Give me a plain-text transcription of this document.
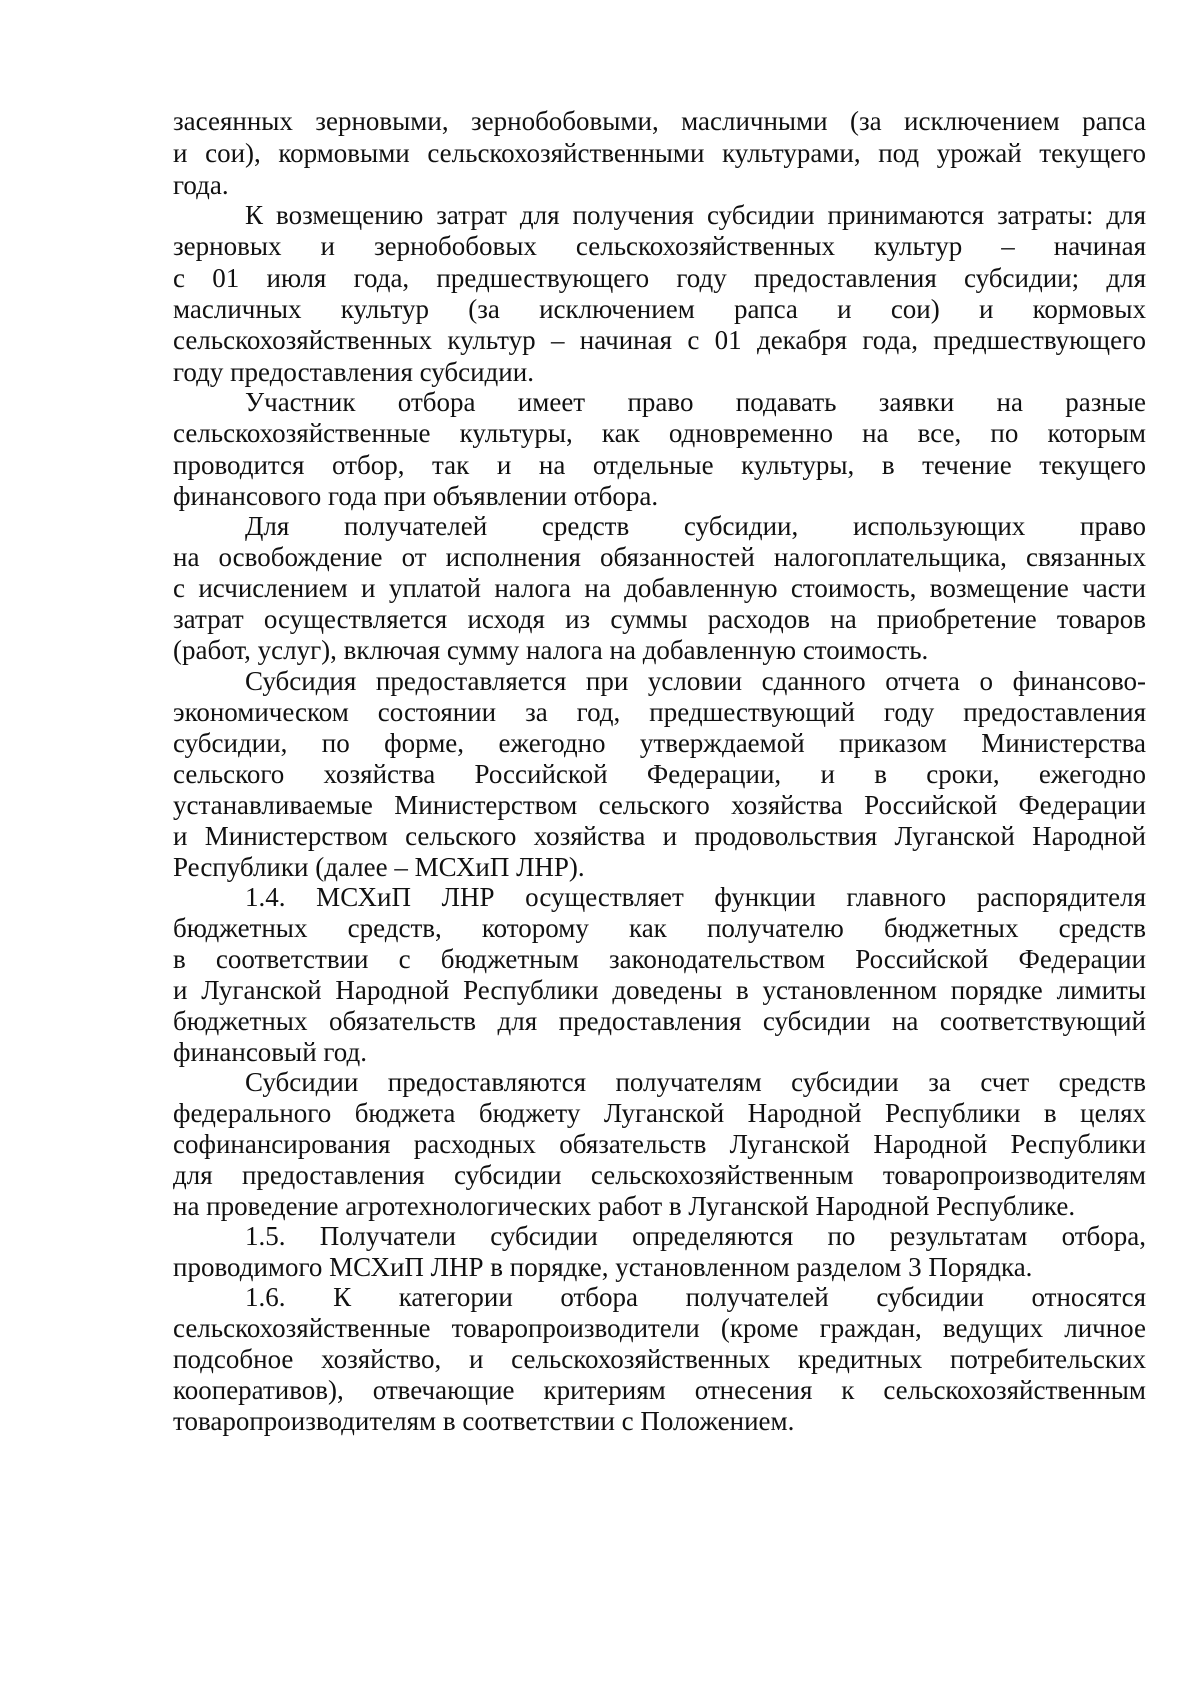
засеянных зерновыми, зернобобовыми, масличными (за исключением рапса
и сои), кормовыми сельскохозяйственными культурами, под урожай текущего
года.
К возмещению затрат для получения субсидии принимаются затраты: для
зерновых и зернобобовых сельскохозяйственных культур – начиная
с 01 июля года, предшествующего году предоставления субсидии; для
масличных культур (за исключением рапса и сои) и кормовых
сельскохозяйственных культур – начиная с 01 декабря года, предшествующего
году предоставления субсидии.
Участник отбора имеет право подавать заявки на разные
сельскохозяйственные культуры, как одновременно на все, по которым
проводится отбор, так и на отдельные культуры, в течение текущего
финансового года при объявлении отбора.
Для получателей средств субсидии, использующих право
на освобождение от исполнения обязанностей налогоплательщика, связанных
с исчислением и уплатой налога на добавленную стоимость, возмещение части
затрат осуществляется исходя из суммы расходов на приобретение товаров
(работ, услуг), включая сумму налога на добавленную стоимость.
Субсидия предоставляется при условии сданного отчета о финансово-
экономическом состоянии за год, предшествующий году предоставления
субсидии, по форме, ежегодно утверждаемой приказом Министерства
сельского хозяйства Российской Федерации, и в сроки, ежегодно
устанавливаемые Министерством сельского хозяйства Российской Федерации
и Министерством сельского хозяйства и продовольствия Луганской Народной
Республики (далее – МСХиП ЛНР).
1.4. МСХиП ЛНР осуществляет функции главного распорядителя
бюджетных средств, которому как получателю бюджетных средств
в соответствии с бюджетным законодательством Российской Федерации
и Луганской Народной Республики доведены в установленном порядке лимиты
бюджетных обязательств для предоставления субсидии на соответствующий
финансовый год.
Субсидии предоставляются получателям субсидии за счет средств
федерального бюджета бюджету Луганской Народной Республики в целях
софинансирования расходных обязательств Луганской Народной Республики
для предоставления субсидии сельскохозяйственным товаропроизводителям
на проведение агротехнологических работ в Луганской Народной Республике.
1.5. Получатели субсидии определяются по результатам отбора,
проводимого МСХиП ЛНР в порядке, установленном разделом 3 Порядка.
1.6. К категории отбора получателей субсидии относятся
сельскохозяйственные товаропроизводители (кроме граждан, ведущих личное
подсобное хозяйство, и сельскохозяйственных кредитных потребительских
кооперативов), отвечающие критериям отнесения к сельскохозяйственным
товаропроизводителям в соответствии с Положением.
